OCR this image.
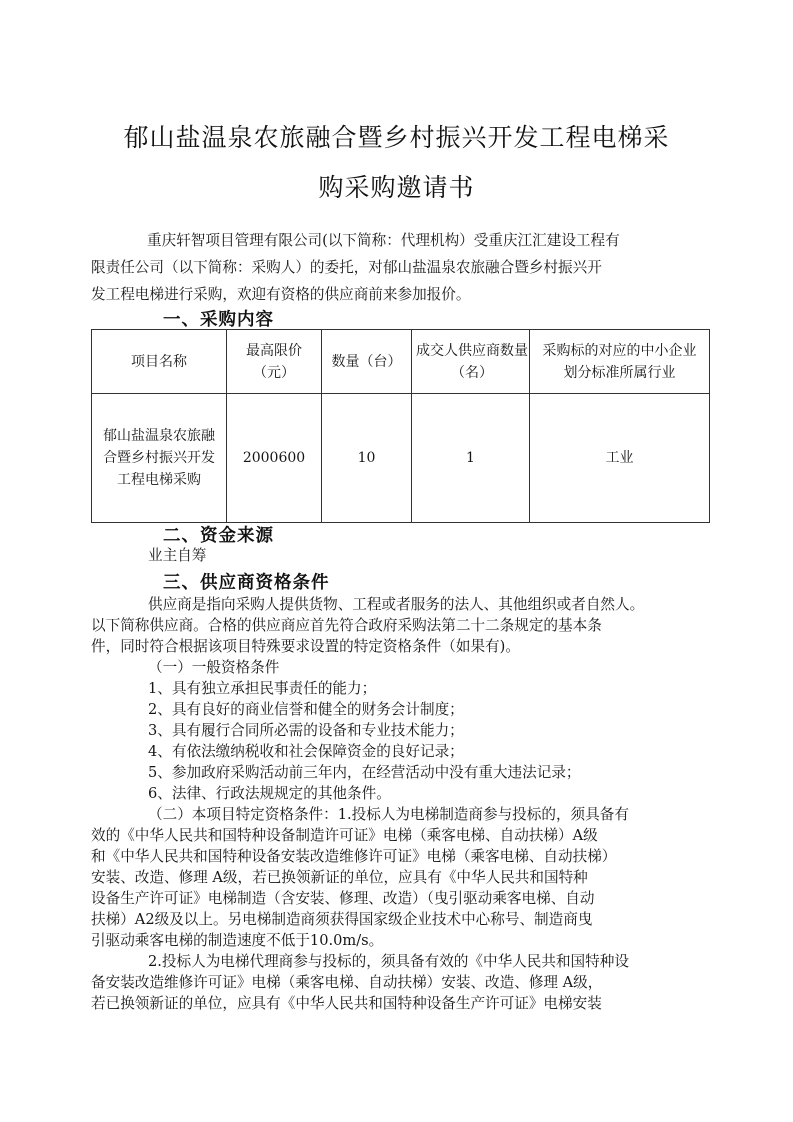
郁山盐温泉农旅融合暨乡村振兴开发工程电梯采
购采购邀请书
重庆轩智项目管理有限公司(以下简称：代理机构）受重庆江汇建设工程有
限责任公司（以下简称：采购人）的委托，对郁山盐温泉农旅融合暨乡村振兴开
发工程电梯进行采购，欢迎有资格的供应商前来参加报价。
一、采购内容
项目名称	最高限价（元）	数量（台）	成交人供应商数量（名）	采购标的对应的中小企业划分标准所属行业

郁山盐温泉农旅融合暨乡村振兴开发工程电梯采购	2000600	10	1	工业
二、资金来源
业主自筹
三、供应商资格条件
供应商是指向采购人提供货物、工程或者服务的法人、其他组织或者自然人。
以下简称供应商。合格的供应商应首先符合政府采购法第二十二条规定的基本条
件，同时符合根据该项目特殊要求设置的特定资格条件（如果有)。
（一）一般资格条件
1、具有独立承担民事责任的能力；
2、具有良好的商业信誉和健全的财务会计制度；
3、具有履行合同所必需的设备和专业技术能力；
4、有依法缴纳税收和社会保障资金的良好记录；
5、参加政府采购活动前三年内，在经营活动中没有重大违法记录；
6、法律、行政法规规定的其他条件。
（二）本项目特定资格条件：1.投标人为电梯制造商参与投标的，须具备有
效的《中华人民共和国特种设备制造许可证》电梯（乘客电梯、自动扶梯）A级
和《中华人民共和国特种设备安装改造维修许可证》电梯（乘客电梯、自动扶梯）
安装、改造、修理 A级，若已换领新证的单位，应具有《中华人民共和国特种
设备生产许可证》电梯制造（含安装、修理、改造）（曳引驱动乘客电梯、自动
扶梯）A2级及以上。另电梯制造商须获得国家级企业技术中心称号、制造商曳
引驱动乘客电梯的制造速度不低于10.0m/s。
2.投标人为电梯代理商参与投标的，须具备有效的《中华人民共和国特种设
备安装改造维修许可证》电梯（乘客电梯、自动扶梯）安装、改造、修理 A级，
若已换领新证的单位，应具有《中华人民共和国特种设备生产许可证》电梯安装
